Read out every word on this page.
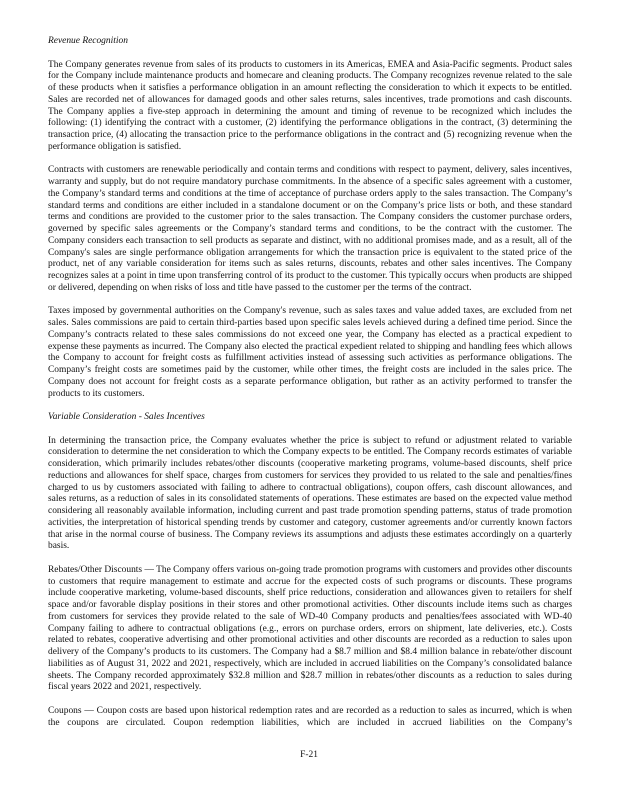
Revenue Recognition

The Company generates revenue from sales of its products to customers in its Americas, EMEA and Asia-Pacific segments. Product sales for the Company include maintenance products and homecare and cleaning products. The Company recognizes revenue related to the sale of these products when it satisfies a performance obligation in an amount reflecting the consideration to which it expects to be entitled. Sales are recorded net of allowances for damaged goods and other sales returns, sales incentives, trade promotions and cash discounts. The Company applies a five-step approach in determining the amount and timing of revenue to be recognized which includes the following: (1) identifying the contract with a customer, (2) identifying the performance obligations in the contract, (3) determining the transaction price, (4) allocating the transaction price to the performance obligations in the contract and (5) recognizing revenue when the performance obligation is satisfied.

Contracts with customers are renewable periodically and contain terms and conditions with respect to payment, delivery, sales incentives, warranty and supply, but do not require mandatory purchase commitments. In the absence of a specific sales agreement with a customer, the Company’s standard terms and conditions at the time of acceptance of purchase orders apply to the sales transaction. The Company’s standard terms and conditions are either included in a standalone document or on the Company’s price lists or both, and these standard terms and conditions are provided to the customer prior to the sales transaction. The Company considers the customer purchase orders, governed by specific sales agreements or the Company’s standard terms and conditions, to be the contract with the customer. The Company considers each transaction to sell products as separate and distinct, with no additional promises made, and as a result, all of the Company's sales are single performance obligation arrangements for which the transaction price is equivalent to the stated price of the product, net of any variable consideration for items such as sales returns, discounts, rebates and other sales incentives. The Company recognizes sales at a point in time upon transferring control of its product to the customer. This typically occurs when products are shipped or delivered, depending on when risks of loss and title have passed to the customer per the terms of the contract.

Taxes imposed by governmental authorities on the Company's revenue, such as sales taxes and value added taxes, are excluded from net sales. Sales commissions are paid to certain third-parties based upon specific sales levels achieved during a defined time period. Since the Company’s contracts related to these sales commissions do not exceed one year, the Company has elected as a practical expedient to expense these payments as incurred. The Company also elected the practical expedient related to shipping and handling fees which allows the Company to account for freight costs as fulfillment activities instead of assessing such activities as performance obligations. The Company’s freight costs are sometimes paid by the customer, while other times, the freight costs are included in the sales price. The Company does not account for freight costs as a separate performance obligation, but rather as an activity performed to transfer the products to its customers.

Variable Consideration - Sales Incentives

In determining the transaction price, the Company evaluates whether the price is subject to refund or adjustment related to variable consideration to determine the net consideration to which the Company expects to be entitled. The Company records estimates of variable consideration, which primarily includes rebates/other discounts (cooperative marketing programs, volume-based discounts, shelf price reductions and allowances for shelf space, charges from customers for services they provided to us related to the sale and penalties/fines charged to us by customers associated with failing to adhere to contractual obligations), coupon offers, cash discount allowances, and sales returns, as a reduction of sales in its consolidated statements of operations. These estimates are based on the expected value method considering all reasonably available information, including current and past trade promotion spending patterns, status of trade promotion activities, the interpretation of historical spending trends by customer and category, customer agreements and/or currently known factors that arise in the normal course of business. The Company reviews its assumptions and adjusts these estimates accordingly on a quarterly basis.

Rebates/Other Discounts — The Company offers various on-going trade promotion programs with customers and provides other discounts to customers that require management to estimate and accrue for the expected costs of such programs or discounts. These programs include cooperative marketing, volume-based discounts, shelf price reductions, consideration and allowances given to retailers for shelf space and/or favorable display positions in their stores and other promotional activities. Other discounts include items such as charges from customers for services they provide related to the sale of WD-40 Company products and penalties/fees associated with WD-40 Company failing to adhere to contractual obligations (e.g., errors on purchase orders, errors on shipment, late deliveries, etc.). Costs related to rebates, cooperative advertising and other promotional activities and other discounts are recorded as a reduction to sales upon delivery of the Company’s products to its customers. The Company had a $8.7 million and $8.4 million balance in rebate/other discount liabilities as of August 31, 2022 and 2021, respectively, which are included in accrued liabilities on the Company’s consolidated balance sheets. The Company recorded approximately $32.8 million and $28.7 million in rebates/other discounts as a reduction to sales during fiscal years 2022 and 2021, respectively.

Coupons — Coupon costs are based upon historical redemption rates and are recorded as a reduction to sales as incurred, which is when the coupons are circulated. Coupon redemption liabilities, which are included in accrued liabilities on the Company’s

F-21
